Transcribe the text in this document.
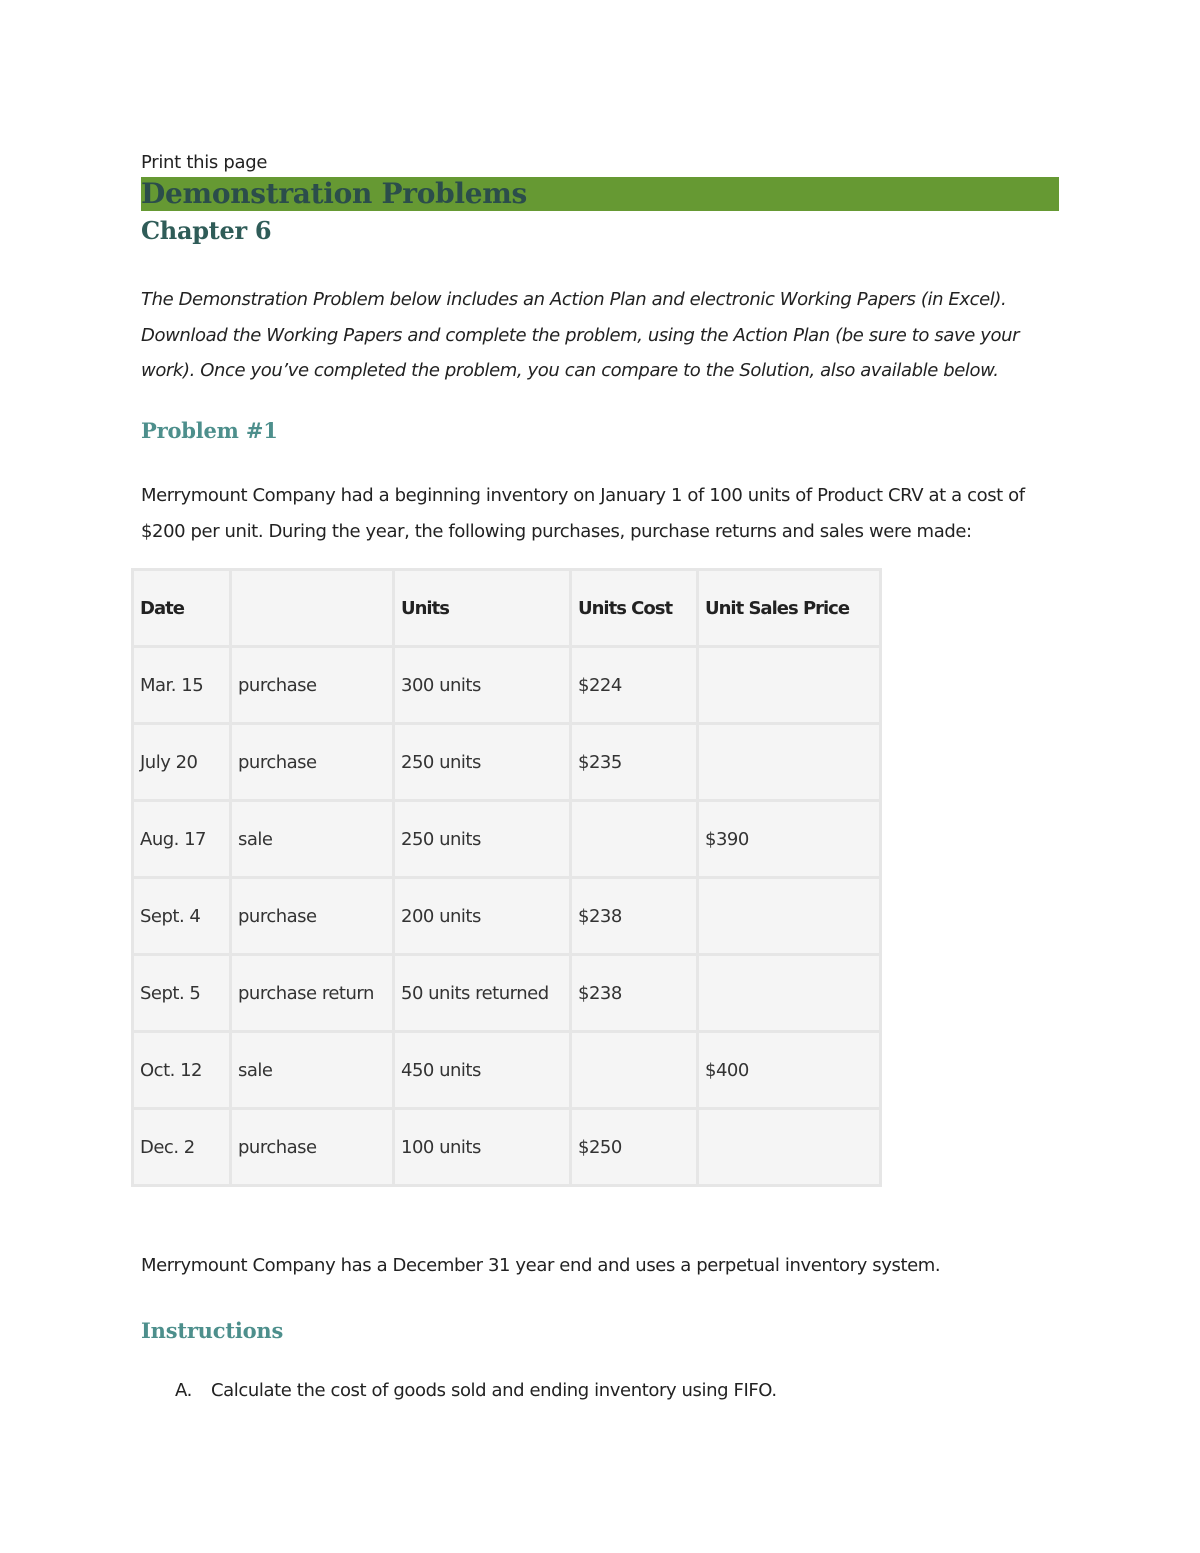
Print this page
Demonstration Problems
Chapter 6

The Demonstration Problem below includes an Action Plan and electronic Working Papers (in Excel). Download the Working Papers and complete the problem, using the Action Plan (be sure to save your work). Once you’ve completed the problem, you can compare to the Solution, also available below.

Problem #1

Merrymount Company had a beginning inventory on January 1 of 100 units of Product CRV at a cost of $200 per unit. During the year, the following purchases, purchase returns and sales were made:

Date		Units	Units Cost	Unit Sales Price
Mar. 15	purchase	300 units	$224	
July 20	purchase	250 units	$235	
Aug. 17	sale	250 units		$390
Sept. 4	purchase	200 units	$238	
Sept. 5	purchase return	50 units returned	$238	
Oct. 12	sale	450 units		$400
Dec. 2	purchase	100 units	$250	

Merrymount Company has a December 31 year end and uses a perpetual inventory system.

Instructions
A. Calculate the cost of goods sold and ending inventory using FIFO.
